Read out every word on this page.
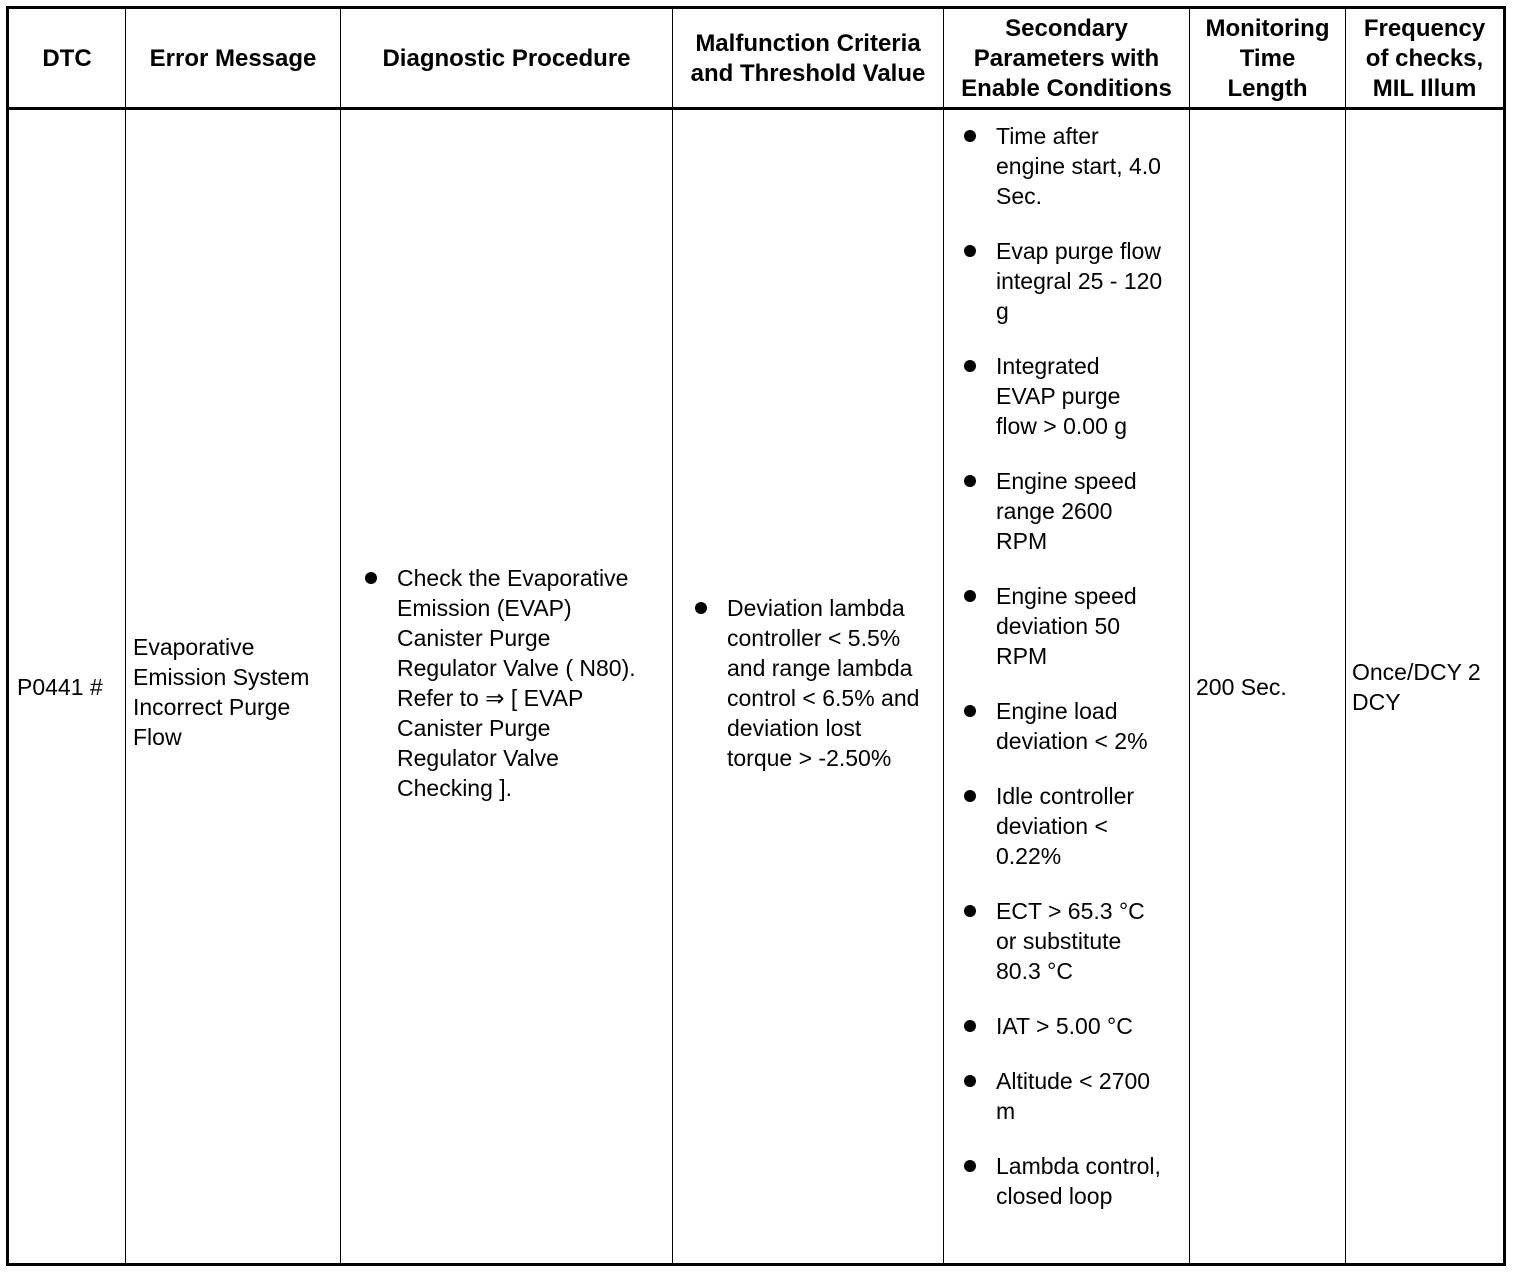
DTC Error Message	Diagnostic Procedure
Malfunction Criteria
and Threshold Value
Secondary
Parameters with
Enable Conditions
Monitoring
Time
Length
Frequency
of checks,
MIL Illum
P0441 #
Evaporative
Emission System
Incorrect Purge
Flow
Check the Evaporative
Emission (EVAP)
Canister Purge
Regulator Valve ( N80).
Refer to ⇒ [ EVAP
Canister Purge
Regulator Valve
Checking ].
Deviation lambda
controller < 5.5%
and range lambda
control < 6.5% and
deviation lost
torque > -2.50%
Time after
engine start, 4.0
Sec.
Evap purge flow
integral 25 - 120
g
Integrated
EVAP purge
flow > 0.00 g
Engine speed
range 2600
RPM
Engine speed
deviation 50
RPM
Engine load
deviation < 2%
Idle controller
deviation <
0.22%
ECT > 65.3 °C
or substitute
80.3 °C
IAT > 5.00 °C
Altitude < 2700
m
Lambda control,
closed loop
200 Sec.
Once/DCY 2
DCY
